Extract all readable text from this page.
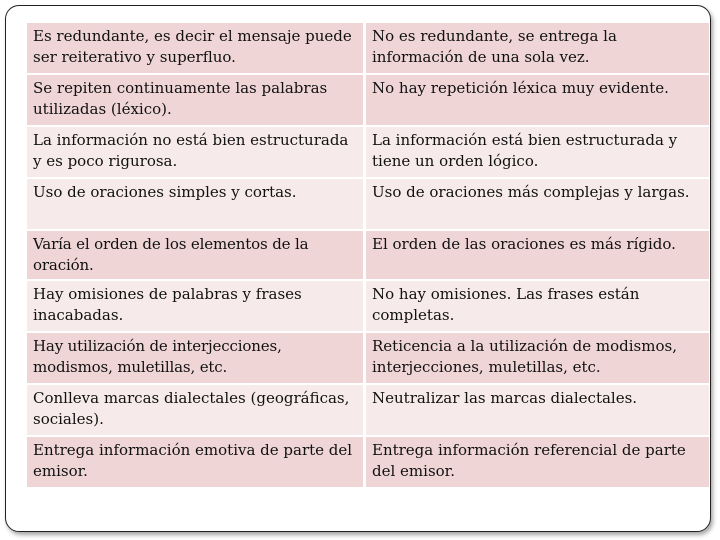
Es redundante, es decir el mensaje puede ser reiterativo y superfluo.	No es redundante, se entrega la información de una sola vez.
Se repiten continuamente las palabras utilizadas (léxico).	No hay repetición léxica muy evidente.
La información no está bien estructurada y es poco rigurosa.	La información está bien estructurada y tiene un orden lógico.
Uso de oraciones simples y cortas.	Uso de oraciones más complejas y largas.
Varía el orden de los elementos de la oración.	El orden de las oraciones es más rígido.
Hay omisiones de palabras y frases inacabadas.	No hay omisiones. Las frases están completas.
Hay utilización de interjecciones, modismos, muletillas, etc.	Reticencia a la utilización de modismos, interjecciones, muletillas, etc.
Conlleva marcas dialectales (geográficas, sociales).	Neutralizar las marcas dialectales.
Entrega información emotiva de parte del emisor.	Entrega información referencial de parte del emisor.
